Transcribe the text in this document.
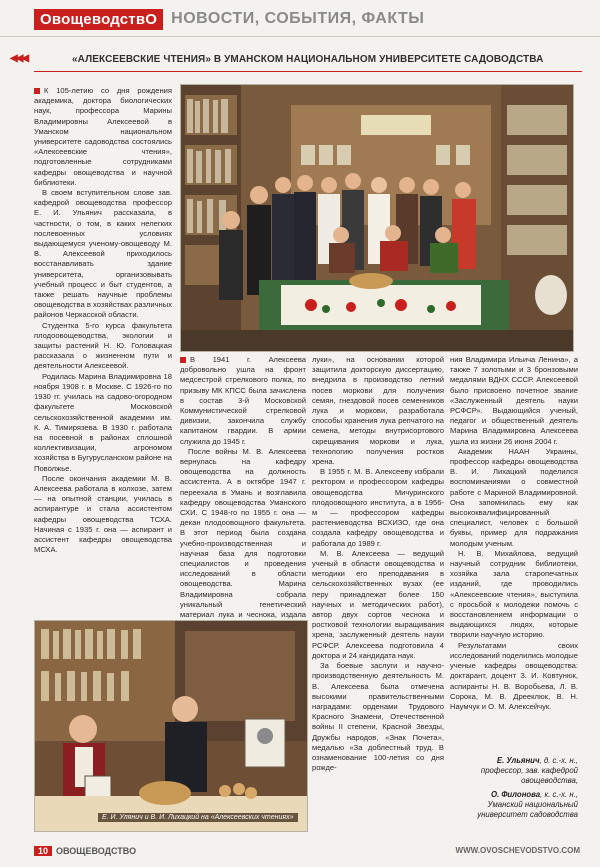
ОвощеводствО НОВОСТИ, СОБЫТИЯ, ФАКТЫ
◀◀◀	«АЛЕКСЕЕВСКИЕ ЧТЕНИЯ» В УМАНСКОМ НАЦИОНАЛЬНОМ УНИВЕРСИТЕТЕ САДОВОДСТВА

К 105-летию со дня рождения академика, доктора биологических наук, профессора Марины Владимировны Алексеевой в Уманском национальном университете садоводства состоялись «Алексеевские чтения», подготовленные сотрудниками кафедры овощеводства и научной библиотеки.

В своем вступительном слове зав. кафедрой овощеводства профессор Е. И. Ульянич рассказала, в частности, о том, в каких нелегких послевоенных условиях выдающемуся ученому-овощеводу М. В. Алексеевой приходилось восстанавливать здание университета, организовывать учебный процесс и быт студентов, а также решать научные проблемы овощеводства в хозяйствах различных районов Черкасской области.

Студентка 5-го курса факультета плодоовощеводства, экологии и защиты растений Н. Ю. Головацкая рассказала о жизненном пути и деятельности Алексеевой.

Родилась Марина Владимировна 18 ноября 1908 г. в Москве. С 1926-го по 1930 гг. училась на садово-огородном факультете Московской сельскохозяйственной академии им. К. А. Тимирязева. В 1930 г. работала на посевной в районах сплошной коллективизации, агрономом хозяйства в Бугурусланском районе на Поволжье.

После окончания академии М. В. Алексеева работала в колхозе, затем — на опытной станции, училась в аспирантуре и стала ассистентом кафедры овощеводства ТСХА. Начиная с 1935 г. она — аспирант и ассистент кафедры овощеводства МСХА.

В 1941 г. Алексеева добровольно ушла на фронт медсестрой стрелкового полка, по призыву МК КПСС была зачислена в состав 3-й Московской Коммунистической стрелковой дивизии, закончила службу капитаном гвардии. В армии служила до 1945 г.

После войны М. В. Алексеева вернулась на кафедру овощеводства на должность ассистента. А в октябре 1947 г. переехала в Умань и возглавила кафедру овощеводства Уманского СХИ. С 1948-го по 1955 г. она — декан плодоовощного факультета. В этот период была создана учебно-производственная и научная база для подготовки специалистов и проведения исследований в области овощеводства. Марина Владимировна собрала уникальный генетический материал лука и чеснока, издала

луки», на основании которой защитила докторскую диссертацию, внедрила в производство летний посев моркови для получения семян, гнездовой посев семенников лука и моркови, разработала способы хранения лука репчатого на семена, методы внутрисортового скрещивания моркови и лука, технологию получения ростков хрена.

В 1955 г. М. В. Алексееву избрали ректором и профессором кафедры овощеводства Мичуринского плодоовощного института, а в 1956-м — профессором кафедры растениеводства ВСХИЗО, где она создала кафедру овощеводства и работала до 1989 г.

М. В. Алексеева — ведущий ученый в области овощеводства и методики его преподавания в сельскохозяйственных вузах (ее перу принадлежат более 150 научных и методических работ), автор двух сортов чеснока и ростковой технологии выращивания хрена, заслуженный деятель науки РСФСР. Алексеева подготовила 4 доктора и 24 кандидата наук.

За боевые заслуги и научно-производственную деятельность М. В. Алексеева была отмечена высокими правительственными наградами: орденами Трудового Красного Знамени, Отечественной войны II степени, Красной Звезды, Дружбы народов, «Знак Почета», медалью «За доблестный труд. В ознаменование 100-летия со дня рожде-

ния Владимира Ильича Ленина», а также 7 золотыми и 3 бронзовыми медалями ВДНХ СССР. Алексеевой было присвоено почетное звание «Заслуженный деятель науки РСФСР». Выдающийся ученый, педагог и общественный деятель Марина Владимировна Алексеева ушла из жизни 26 июня 2004 г.

Академик НААН Украины, профессор кафедры овощеводства В. И. Лихацкий поделился воспоминаниями о совместной работе с Мариной Владимировной. Она запомнилась ему как высококвалифицированный специалист, человек с большой буквы, пример для подражания молодым ученым.

Н. В. Михайлова, ведущий научный сотрудник библиотеки, хозяйка зала старопечатных изданий, где проводились «Алексеевские чтения», выступила с просьбой к молодежи помочь с восстановлением информации о выдающихся людях, которые творили научную историю.

Результатами своих исследований поделились молодые ученые кафедры овощеводства: доктарант, доцент З. И. Ковтунюк, аспиранты Н. В. Воробьева, Л. В. Сорока, М. В. Дрееклюк, В. Н. Наумчук и О. М. Алексейчук.

Е. Ульянич, д. с.-х. н.,
профессор, зав. кафедрой
овощеводства,
О. Филонова, к. с.-х. н.,
Уманский национальный
университет садоводства
Е. И. Улянич и В. И. Лихацкий на «Алексеевских чтениях»
10 ОВОЩЕВОДСТВО	WWW.OVOSCHEVODSTVO.COM
